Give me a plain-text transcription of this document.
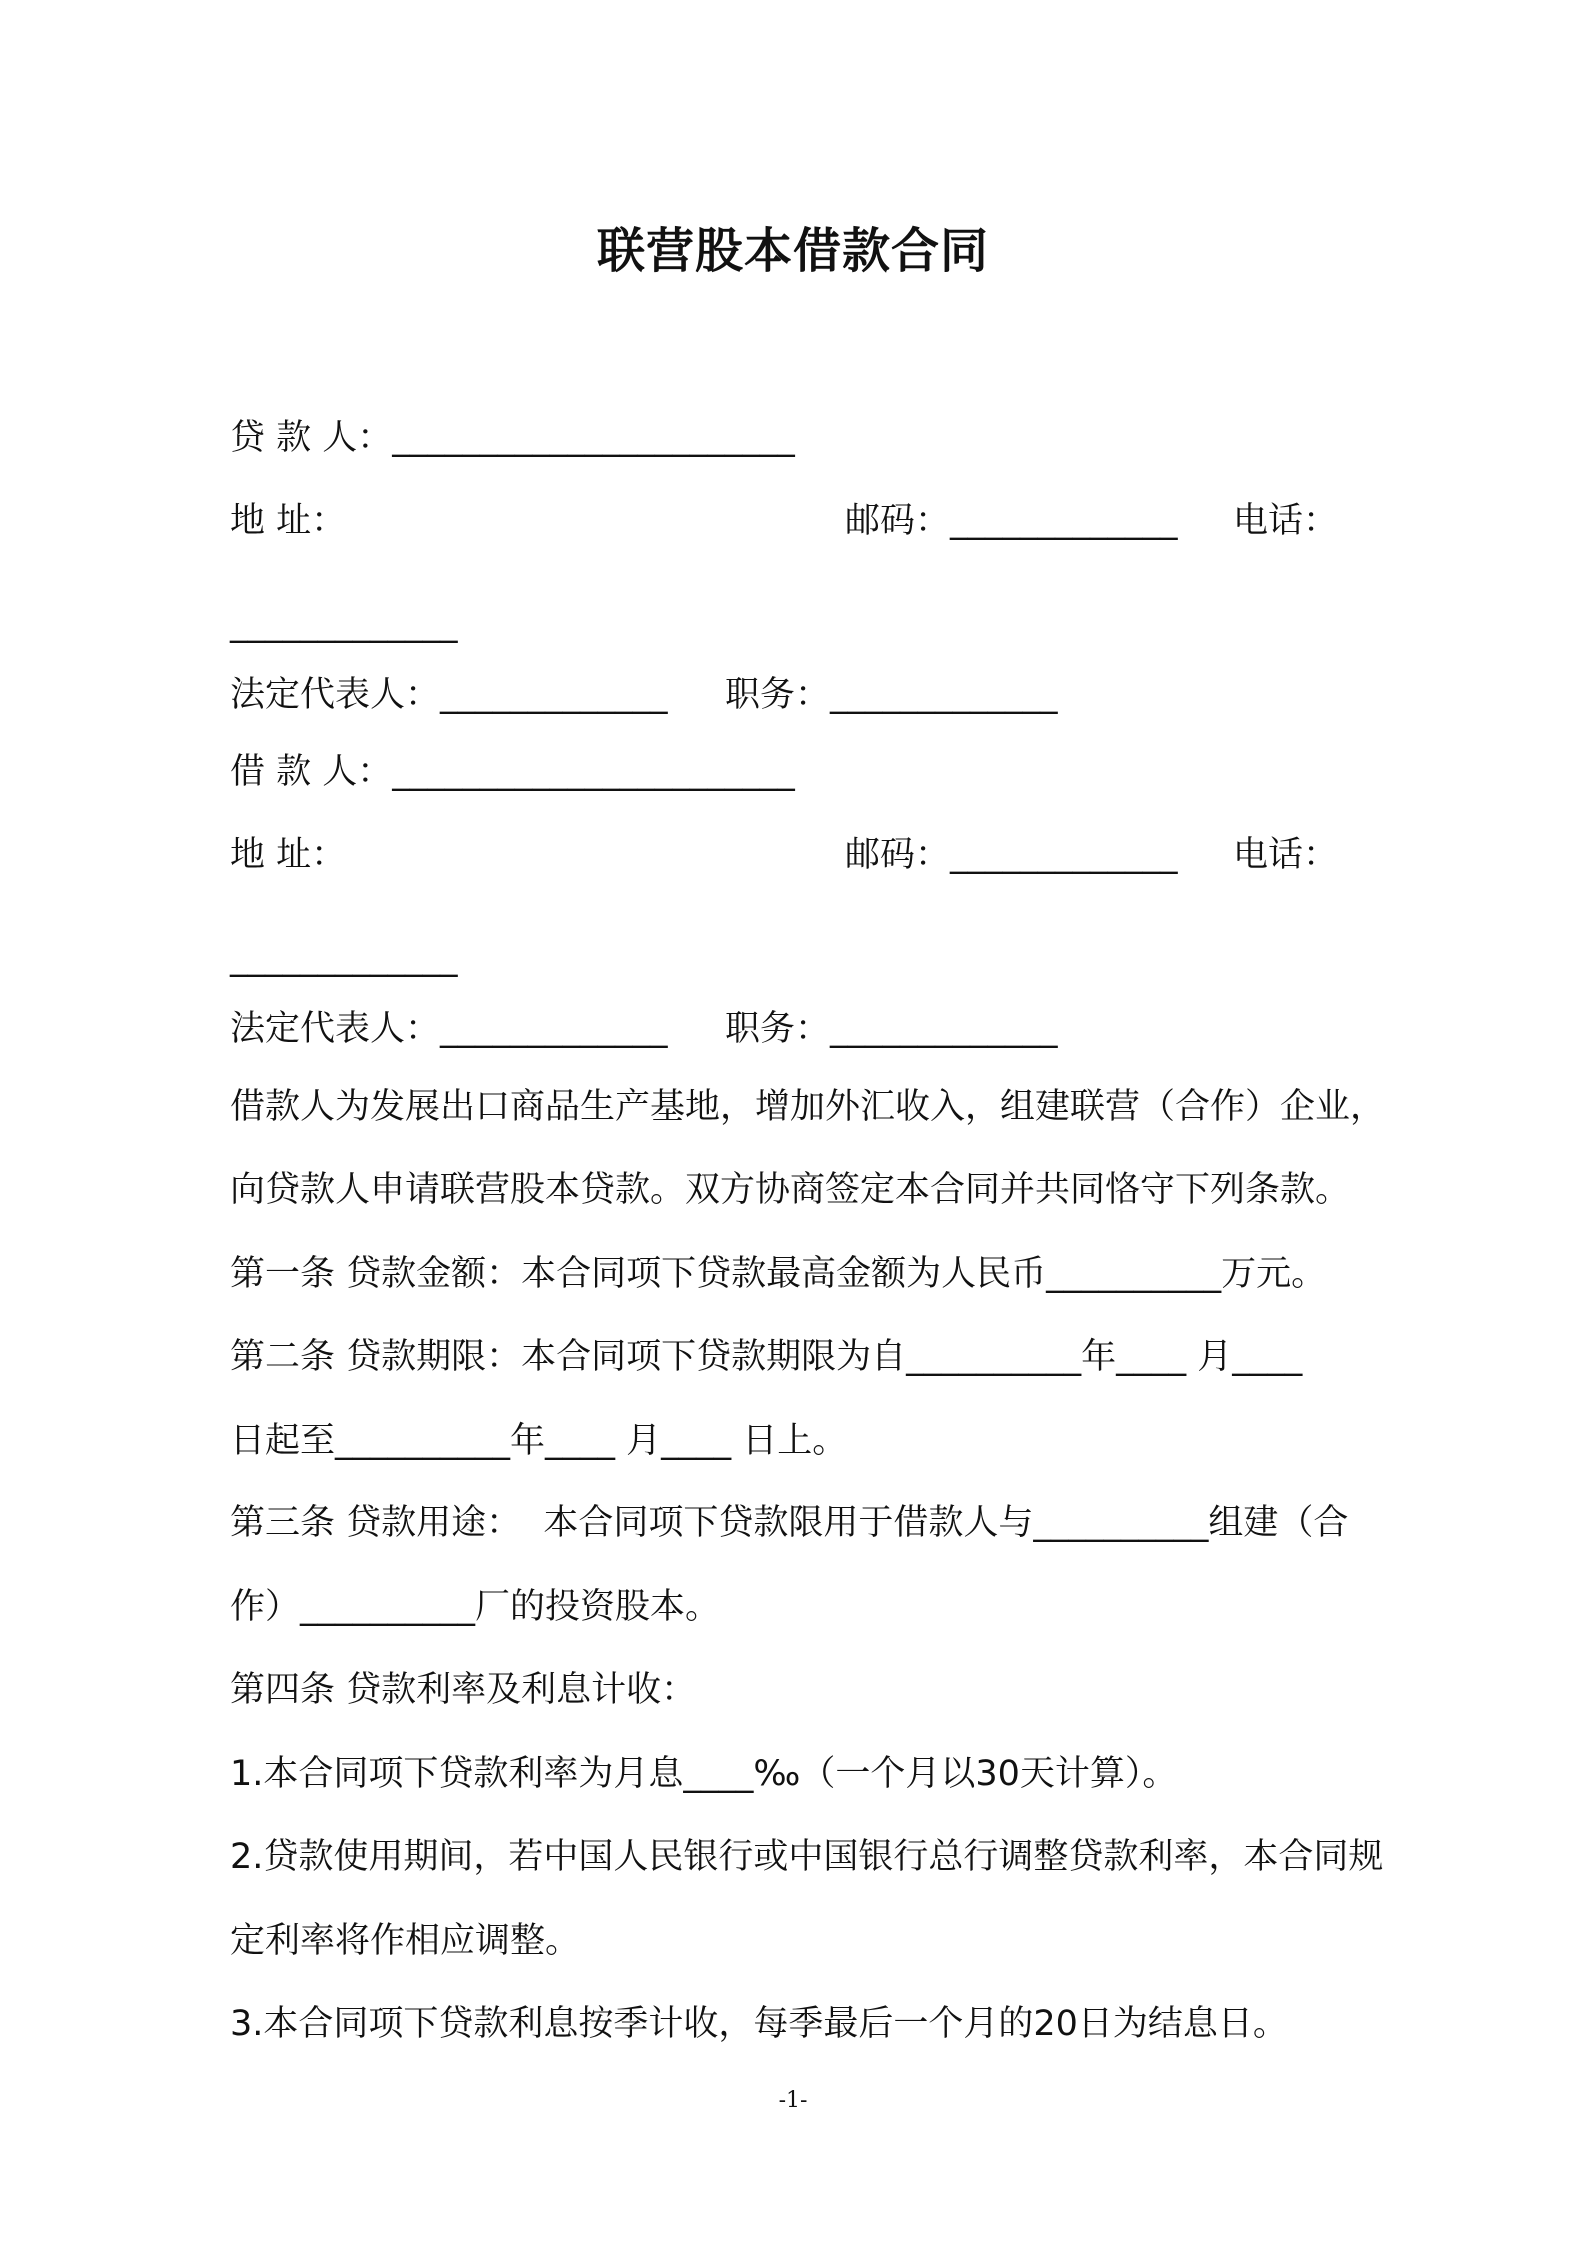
联营股本借款合同
贷 款 人：_______________________
地 址：	邮码：_____________ 电话：
_____________
法定代表人：_____________ 职务：_____________
借 款 人：_______________________
地 址：	邮码：_____________ 电话：
_____________
法定代表人：_____________ 职务：_____________
借款人为发展出口商品生产基地，增加外汇收入，组建联营（合作）企业，
向贷款人申请联营股本贷款。双方协商签定本合同并共同恪守下列条款。
第一条 贷款金额：本合同项下贷款最高金额为人民币__________万元。
第二条 贷款期限：本合同项下贷款期限为自__________年____ 月____
日起至__________年____ 月____ 日上。
第三条 贷款用途：  本合同项下贷款限用于借款人与__________组建（合
作）__________厂的投资股本。
第四条 贷款利率及利息计收：
1.本合同项下贷款利率为月息____‰（一个月以30天计算）。
2.贷款使用期间，若中国人民银行或中国银行总行调整贷款利率，本合同规
定利率将作相应调整。
3.本合同项下贷款利息按季计收，每季最后一个月的20日为结息日。
-1-
